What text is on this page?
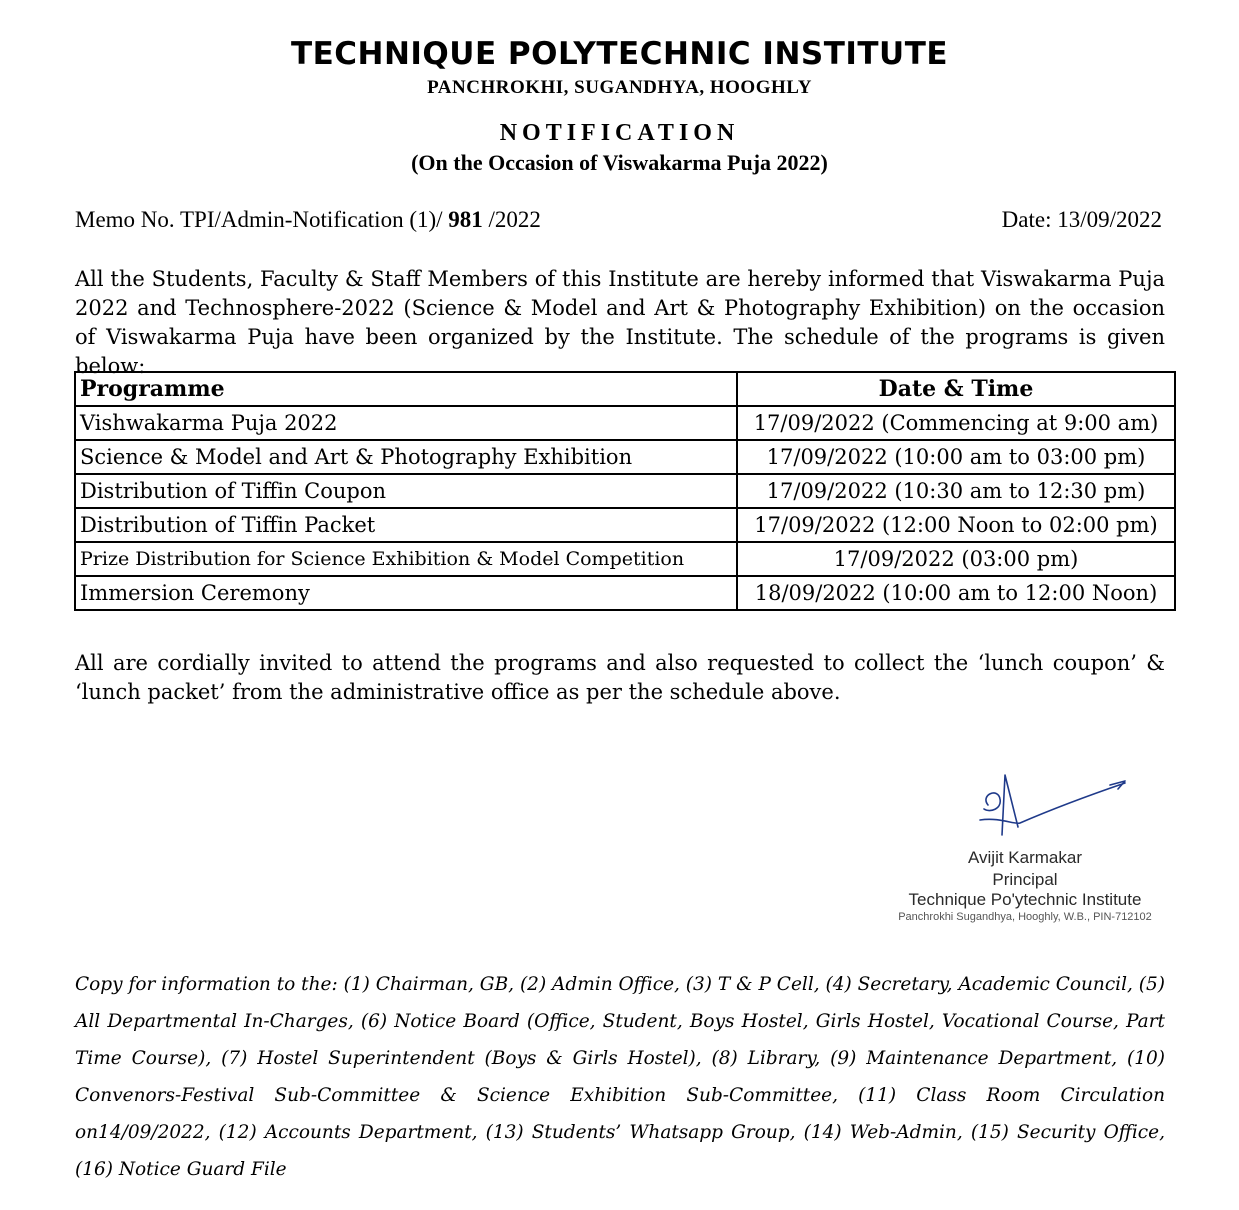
TECHNIQUE POLYTECHNIC INSTITUTE
PANCHROKHI, SUGANDHYA, HOOGHLY
NOTIFICATION
(On the Occasion of Viswakarma Puja 2022)
Memo No. TPI/Admin-Notification (1)/ 981 /2022	Date: 13/09/2022
All the Students, Faculty & Staff Members of this Institute are hereby informed that Viswakarma Puja 2022 and Technosphere-2022 (Science & Model and Art & Photography Exhibition) on the occasion of Viswakarma Puja have been organized by the Institute. The schedule of the programs is given below:
Programme	Date & Time
Vishwakarma Puja 2022	17/09/2022 (Commencing at 9:00 am)
Science & Model and Art & Photography Exhibition	17/09/2022 (10:00 am to 03:00 pm)
Distribution of Tiffin Coupon	17/09/2022 (10:30 am to 12:30 pm)
Distribution of Tiffin Packet	17/09/2022 (12:00 Noon to 02:00 pm)
Prize Distribution for Science Exhibition & Model Competition	17/09/2022 (03:00 pm)
Immersion Ceremony	18/09/2022 (10:00 am to 12:00 Noon)
All are cordially invited to attend the programs and also requested to collect the ‘lunch coupon’ & ‘lunch packet’ from the administrative office as per the schedule above.
Avijit Karmakar
Principal
Technique Po'ytechnic Institute
Panchrokhi Sugandhya, Hooghly, W.B., PIN-712102
Copy for information to the: (1) Chairman, GB, (2) Admin Office, (3) T & P Cell, (4) Secretary, Academic Council, (5) All Departmental In-Charges, (6) Notice Board (Office, Student, Boys Hostel, Girls Hostel, Vocational Course, Part Time Course), (7) Hostel Superintendent (Boys & Girls Hostel), (8) Library, (9) Maintenance Department, (10) Convenors-Festival Sub-Committee & Science Exhibition Sub-Committee, (11) Class Room Circulation on14/09/2022, (12) Accounts Department, (13) Students’ Whatsapp Group, (14) Web-Admin, (15) Security Office, (16) Notice Guard File
